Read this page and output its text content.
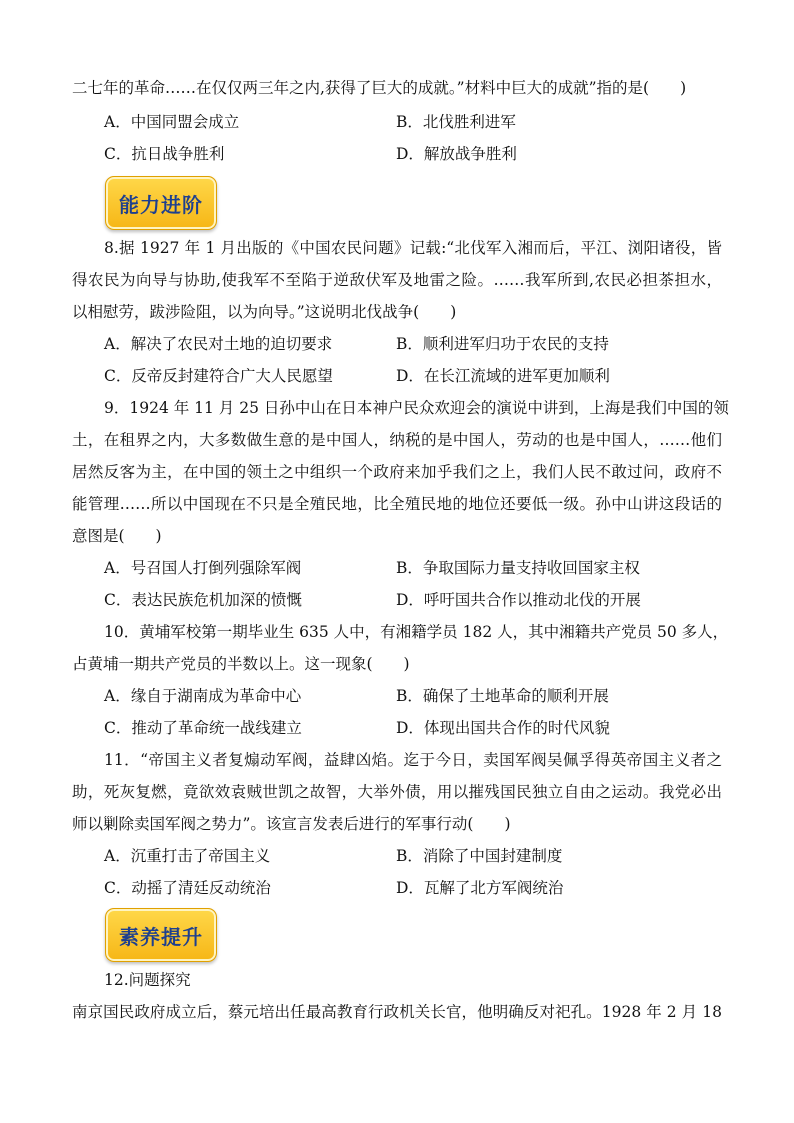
二七年的革命……在仅仅两三年之内,获得了巨大的成就。”材料中巨大的成就”指的是(　　)
A．中国同盟会成立	B．北伐胜利进军
C．抗日战争胜利	D．解放战争胜利
能力进阶
8.据 1927 年 1 月出版的《中国农民问题》记载:“北伐军入湘而后，平江、浏阳诸役，皆
得农民为向导与协助,使我军不至陷于逆敌伏军及地雷之险。……我军所到,农民必担茶担水，
以相慰劳，跋涉险阻，以为向导。”这说明北伐战争(　　)
A．解决了农民对土地的迫切要求	B．顺利进军归功于农民的支持
C．反帝反封建符合广大人民愿望	D．在长江流域的进军更加顺利
9．1924 年 11 月 25 日孙中山在日本神户民众欢迎会的演说中讲到，上海是我们中国的领
土，在租界之内，大多数做生意的是中国人，纳税的是中国人，劳动的也是中国人，……他们
居然反客为主，在中国的领土之中组织一个政府来加乎我们之上，我们人民不敢过问，政府不
能管理……所以中国现在不只是全殖民地，比全殖民地的地位还要低一级。孙中山讲这段话的
意图是(　　)
A．号召国人打倒列强除军阀	B．争取国际力量支持收回国家主权
C．表达民族危机加深的愤慨	D．呼吁国共合作以推动北伐的开展
10．黄埔军校第一期毕业生 635 人中，有湘籍学员 182 人，其中湘籍共产党员 50 多人，
占黄埔一期共产党员的半数以上。这一现象(　　)
A．缘自于湖南成为革命中心	B．确保了土地革命的顺利开展
C．推动了革命统一战线建立	D．体现出国共合作的时代风貌
11．“帝国主义者复煽动军阀，益肆凶焰。迄于今日，卖国军阀吴佩孚得英帝国主义者之
助，死灰复燃，竟欲效袁贼世凯之故智，大举外债，用以摧残国民独立自由之运动。我党必出
师以剿除卖国军阀之势力”。该宣言发表后进行的军事行动(　　)
A．沉重打击了帝国主义	B．消除了中国封建制度
C．动摇了清廷反动统治	D．瓦解了北方军阀统治
素养提升
12.问题探究
南京国民政府成立后，蔡元培出任最高教育行政机关长官，他明确反对祀孔。1928 年 2 月 18
